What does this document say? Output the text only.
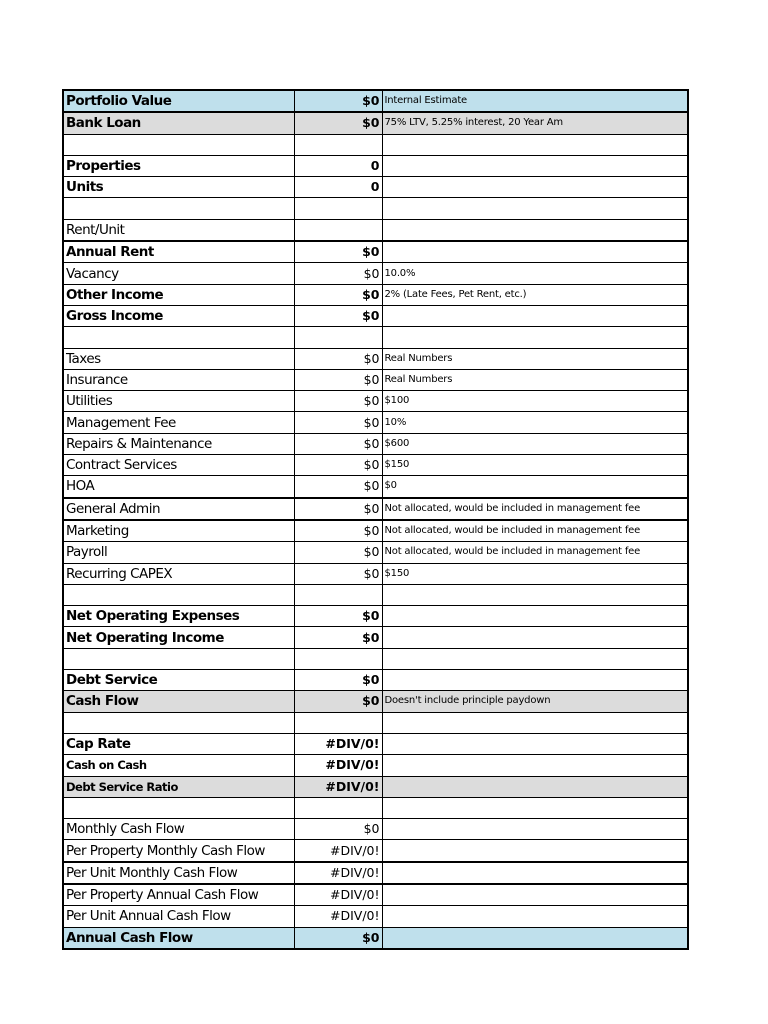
Portfolio Value	$0	Internal Estimate
Bank Loan	$0	75% LTV, 5.25% interest, 20 Year Am

Properties	0	
Units	0	

Rent/Unit		
Annual Rent	$0	
Vacancy	$0	10.0%
Other Income	$0	2% (Late Fees, Pet Rent, etc.)
Gross Income	$0	

Taxes	$0	Real Numbers
Insurance	$0	Real Numbers
Utilities	$0	$100
Management Fee	$0	10%
Repairs & Maintenance	$0	$600
Contract Services	$0	$150
HOA	$0	$0
General Admin	$0	Not allocated, would be included in management fee
Marketing	$0	Not allocated, would be included in management fee
Payroll	$0	Not allocated, would be included in management fee
Recurring CAPEX	$0	$150

Net Operating Expenses	$0	
Net Operating Income	$0	

Debt Service	$0	
Cash Flow	$0	Doesn't include principle paydown

Cap Rate	#DIV/0!	
Cash on Cash	#DIV/0!	
Debt Service Ratio	#DIV/0!	

Monthly Cash Flow	$0	
Per Property Monthly Cash Flow	#DIV/0!	
Per Unit Monthly Cash Flow	#DIV/0!	
Per Property Annual Cash Flow	#DIV/0!	
Per Unit Annual Cash Flow	#DIV/0!	
Annual Cash Flow	$0	
